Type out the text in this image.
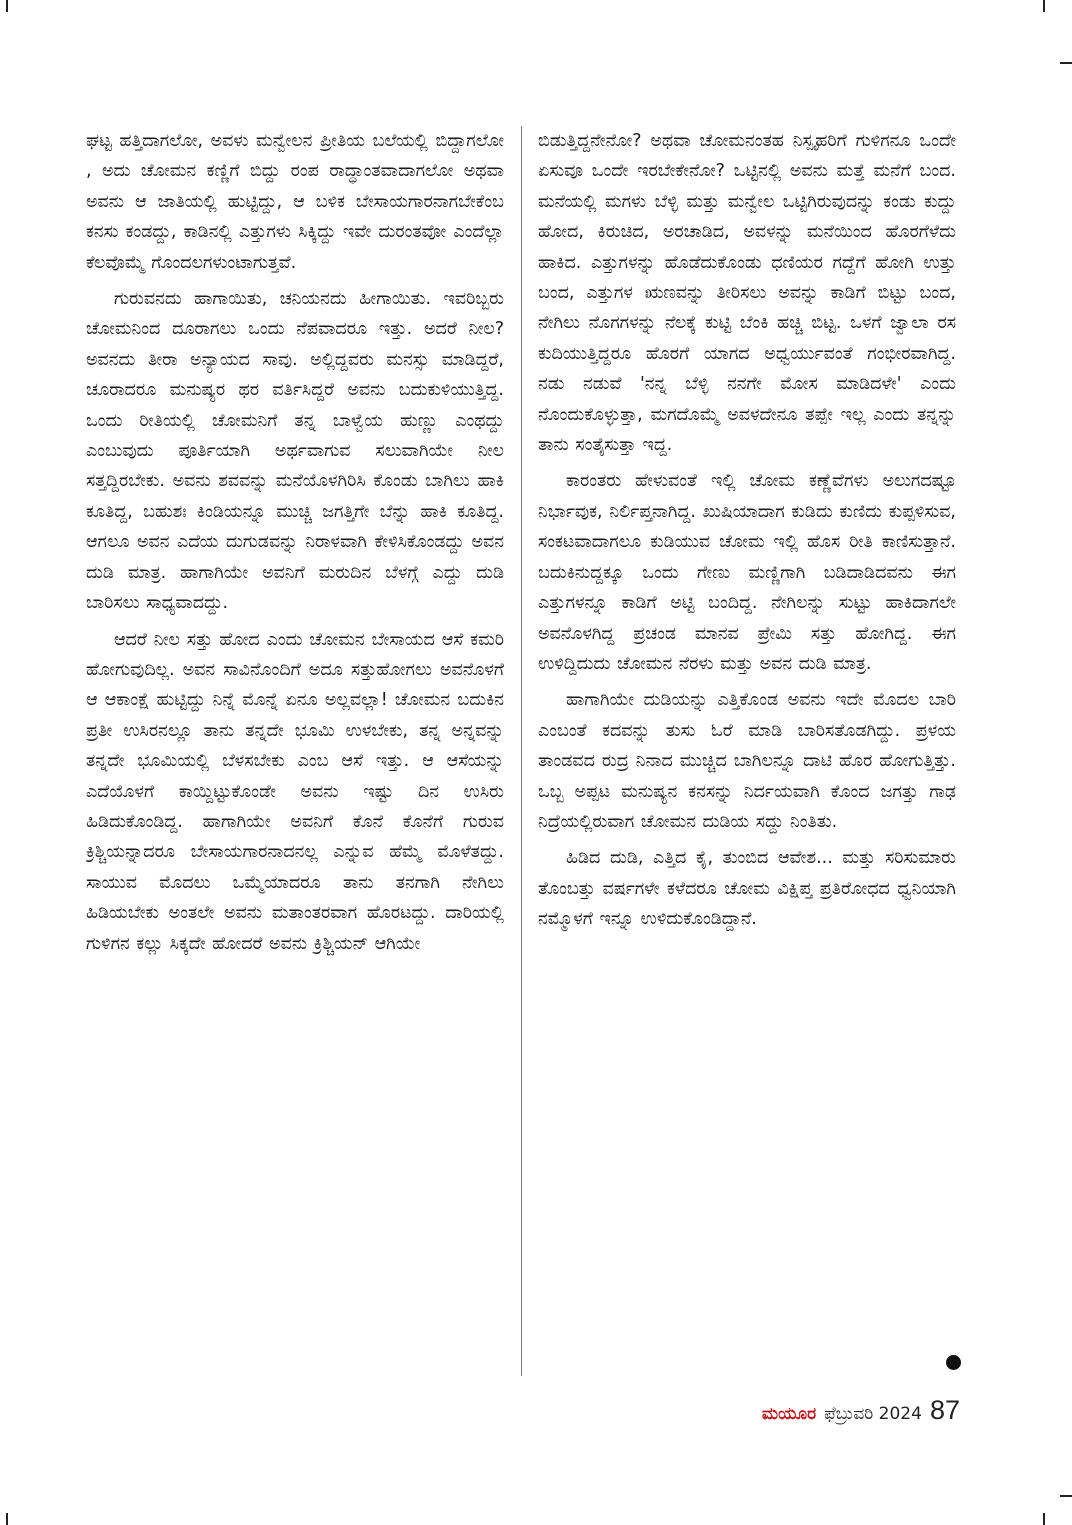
ಘಟ್ಟ ಹತ್ತಿದಾಗಲೋ, ಅವಳು ಮನ್ವೇಲನ ಪ್ರೀತಿಯ ಬಲೆಯಲ್ಲಿ ಬಿದ್ದಾಗಲೋ , ಅದು ಚೋಮನ ಕಣ್ಣಿಗೆ ಬಿದ್ದು ರಂಪ ರಾದ್ಧಾಂತವಾದಾಗಲೋ ಅಥವಾ ಅವನು ಆ ಜಾತಿಯಲ್ಲಿ ಹುಟ್ಟಿದ್ದು, ಆ ಬಳಿಕ ಬೇಸಾಯಗಾರನಾಗಬೇಕೆಂಬ ಕನಸು ಕಂಡದ್ದು, ಕಾಡಿನಲ್ಲಿ ಎತ್ತುಗಳು ಸಿಕ್ಕಿದ್ದು ಇವೇ ದುರಂತವೋ ಎಂದೆಲ್ಲಾ ಕೆಲವೊಮ್ಮೆ ಗೊಂದಲಗಳುಂಟಾಗುತ್ತವೆ.

ಗುರುವನದು ಹಾಗಾಯಿತು, ಚನಿಯನದು ಹೀಗಾಯಿತು. ಇವರಿಬ್ಬರು ಚೋಮನಿಂದ ದೂರಾಗಲು ಒಂದು ನೆಪವಾದರೂ ಇತ್ತು. ಅದರೆ ನೀಲ? ಅವನದು ತೀರಾ ಅನ್ಯಾಯದ ಸಾವು. ಅಲ್ಲಿದ್ದವರು ಮನಸ್ಸು ಮಾಡಿದ್ದರೆ, ಚೂರಾದರೂ ಮನುಷ್ಯರ ಥರ ವರ್ತಿಸಿದ್ದರೆ ಅವನು ಬದುಕುಳಿಯುತ್ತಿದ್ದ. ಒಂದು ರೀತಿಯಲ್ಲಿ ಚೋಮನಿಗೆ ತನ್ನ ಬಾಳ್ವೆಯ ಹುಣ್ಣು ಎಂಥದ್ದು ಎಂಬುವುದು ಪೂರ್ತಿಯಾಗಿ ಅರ್ಥವಾಗುವ ಸಲುವಾಗಿಯೇ ನೀಲ ಸತ್ತದ್ದಿರಬೇಕು. ಅವನು ಶವವನ್ನು ಮನೆಯೊಳಗಿರಿಸಿ ಕೊಂಡು ಬಾಗಿಲು ಹಾಕಿ ಕೂತಿದ್ದ, ಬಹುಶಃ ಕಿಂಡಿಯನ್ನೂ ಮುಚ್ಚಿ ಜಗತ್ತಿಗೇ ಬೆನ್ನು ಹಾಕಿ ಕೂತಿದ್ದ. ಆಗಲೂ ಅವನ ಎದೆಯ ದುಗುಡವನ್ನು ನಿರಾಳವಾಗಿ ಕೇಳಿಸಿಕೊಂಡದ್ದು ಅವನ ದುಡಿ ಮಾತ್ರ. ಹಾಗಾಗಿಯೇ ಅವನಿಗೆ ಮರುದಿನ ಬೆಳಗ್ಗೆ ಎದ್ದು ದುಡಿ ಬಾರಿಸಲು ಸಾಧ್ಯವಾದದ್ದು.

ಆದರೆ ನೀಲ ಸತ್ತು ಹೋದ ಎಂದು ಚೋಮನ ಬೇಸಾಯದ ಆಸೆ ಕಮರಿ ಹೋಗುವುದಿಲ್ಲ. ಅವನ ಸಾವಿನೊಂದಿಗೆ ಅದೂ ಸತ್ತುಹೋಗಲು ಅವನೊಳಗೆ ಆ ಆಕಾಂಕ್ಷೆ ಹುಟ್ಟಿದ್ದು ನಿನ್ನೆ ಮೊನ್ನೆ ಏನೂ ಅಲ್ಲವಲ್ಲಾ! ಚೋಮನ ಬದುಕಿನ ಪ್ರತೀ ಉಸಿರನಲ್ಲೂ ತಾನು ತನ್ನದೇ ಭೂಮಿ ಉಳಬೇಕು, ತನ್ನ ಅನ್ನವನ್ನು ತನ್ನದೇ ಭೂಮಿಯಲ್ಲಿ ಬೆಳಸಬೇಕು ಎಂಬ ಆಸೆ ಇತ್ತು. ಆ ಆಸೆಯನ್ನು ಎದೆಯೊಳಗೆ ಕಾಯ್ದಿಟ್ಟುಕೊಂಡೇ ಅವನು ಇಷ್ಟು ದಿನ ಉಸಿರು ಹಿಡಿದುಕೊಂಡಿದ್ದ. ಹಾಗಾಗಿಯೇ ಅವನಿಗೆ ಕೊನೆ ಕೊನೆಗೆ ಗುರುವ ಕ್ರಿಶ್ಚಿಯನ್ನಾದರೂ ಬೇಸಾಯಗಾರನಾದನಲ್ಲ ಎನ್ನುವ ಹೆಮ್ಮೆ ಮೊಳೆತದ್ದು. ಸಾಯುವ ಮೊದಲು ಒಮ್ಮೆಯಾದರೂ ತಾನು ತನಗಾಗಿ ನೇಗಿಲು ಹಿಡಿಯಬೇಕು ಅಂತಲೇ ಅವನು ಮತಾಂತರವಾಗ ಹೊರಟದ್ದು. ದಾರಿಯಲ್ಲಿ ಗುಳಿಗನ ಕಲ್ಲು ಸಿಕ್ಕದೇ ಹೋದರೆ ಅವನು ಕ್ರಿಶ್ಚಿಯನ್ ಆಗಿಯೇ

ಬಿಡುತ್ತಿದ್ದನೇನೋ? ಅಥವಾ ಚೋಮನಂತಹ ನಿಸ್ಪೃಹರಿಗೆ ಗುಳಿಗನೂ ಒಂದೇ ಏಸುವೂ ಒಂದೇ ಇರಬೇಕೇನೋ? ಒಟ್ಟಿನಲ್ಲಿ ಅವನು ಮತ್ತೆ ಮನೆಗೆ ಬಂದ. ಮನೆಯಲ್ಲಿ ಮಗಳು ಬೆಳ್ಳಿ ಮತ್ತು ಮನ್ವೇಲ ಒಟ್ಟಿಗಿರುವುದನ್ನು ಕಂಡು ಕುದ್ದು ಹೋದ, ಕಿರುಚಿದ, ಅರಚಾಡಿದ, ಅವಳನ್ನು ಮನೆಯಿಂದ ಹೊರಗೆಳೆದು ಹಾಕಿದ. ಎತ್ತುಗಳನ್ನು ಹೊಡೆದುಕೊಂಡು ಧಣಿಯರ ಗದ್ದೆಗೆ ಹೋಗಿ ಉತ್ತು ಬಂದ, ಎತ್ತುಗಳ ಋಣವನ್ನು ತೀರಿಸಲು ಅವನ್ನು ಕಾಡಿಗೆ ಬಿಟ್ಟು ಬಂದ, ನೇಗಿಲು ನೊಗಗಳನ್ನು ನೆಲಕ್ಕೆ ಕುಟ್ಟಿ ಬೆಂಕಿ ಹಚ್ಚಿ ಬಿಟ್ಟ. ಒಳಗೆ ಜ್ವಾಲಾ ರಸ ಕುದಿಯುತ್ತಿದ್ದರೂ ಹೊರಗೆ ಯಾಗದ ಅಧ್ವರ್ಯುವಂತೆ ಗಂಭೀರವಾಗಿದ್ದ. ನಡು ನಡುವೆ 'ನನ್ನ ಬೆಳ್ಳಿ ನನಗೇ ಮೋಸ ಮಾಡಿದಳೇ' ಎಂದು ನೊಂದುಕೊಳ್ಳುತ್ತಾ, ಮಗದೊಮ್ಮೆ ಅವಳದೇನೂ ತಪ್ಪೇ ಇಲ್ಲ ಎಂದು ತನ್ನನ್ನು ತಾನು ಸಂತೈಸುತ್ತಾ ಇದ್ದ.

ಕಾರಂತರು ಹೇಳುವಂತೆ ಇಲ್ಲಿ ಚೋಮ ಕಣ್ಣೆವೆಗಳು ಅಲುಗದಷ್ಟೂ ನಿರ್ಭಾವುಕ, ನಿರ್ಲಿಪ್ತನಾಗಿದ್ದ. ಖುಷಿಯಾದಾಗ ಕುಡಿದು ಕುಣಿದು ಕುಪ್ಪಳಿಸುವ, ಸಂಕಟವಾದಾಗಲೂ ಕುಡಿಯುವ ಚೋಮ ಇಲ್ಲಿ ಹೊಸ ರೀತಿ ಕಾಣಿಸುತ್ತಾನೆ. ಬದುಕಿನುದ್ದಕ್ಕೂ ಒಂದು ಗೇಣು ಮಣ್ಣಿಗಾಗಿ ಬಡಿದಾಡಿದವನು ಈಗ ಎತ್ತುಗಳನ್ನೂ ಕಾಡಿಗೆ ಅಟ್ಟಿ ಬಂದಿದ್ದ. ನೇಗಿಲನ್ನು ಸುಟ್ಟು ಹಾಕಿದಾಗಲೇ ಅವನೊಳಗಿದ್ದ ಪ್ರಚಂಡ ಮಾನವ ಪ್ರೇಮಿ ಸತ್ತು ಹೋಗಿದ್ದ. ಈಗ ಉಳಿದ್ದಿದುದು ಚೋಮನ ನೆರಳು ಮತ್ತು ಅವನ ದುಡಿ ಮಾತ್ರ.

ಹಾಗಾಗಿಯೇ ದುಡಿಯನ್ನು ಎತ್ತಿಕೊಂಡ ಅವನು ಇದೇ ಮೊದಲ ಬಾರಿ ಎಂಬಂತೆ ಕದವನ್ನು ತುಸು ಓರೆ ಮಾಡಿ ಬಾರಿಸತೊಡಗಿದ್ದು. ಪ್ರಳಯ ತಾಂಡವದ ರುದ್ರ ನಿನಾದ ಮುಚ್ಚಿದ ಬಾಗಿಲನ್ನೂ ದಾಟಿ ಹೊರ ಹೋಗುತ್ತಿತ್ತು. ಒಬ್ಬ ಅಪ್ಪಟ ಮನುಷ್ಯನ ಕನಸನ್ನು ನಿರ್ದಯವಾಗಿ ಕೊಂದ ಜಗತ್ತು ಗಾಢ ನಿದ್ರೆಯಲ್ಲಿರುವಾಗ ಚೋಮನ ದುಡಿಯ ಸದ್ದು ನಿಂತಿತು.

ಹಿಡಿದ ದುಡಿ, ಎತ್ತಿದ ಕೈ, ತುಂಬಿದ ಆವೇಶ... ಮತ್ತು ಸರಿಸುಮಾರು ತೊಂಬತ್ತು ವರ್ಷಗಳೇ ಕಳೆದರೂ ಚೋಮ ವಿಕ್ಷಿಪ್ತ ಪ್ರತಿರೋಧದ ಧ್ವನಿಯಾಗಿ ನಮ್ಮೊಳಗೆ ಇನ್ನೂ ಉಳಿದುಕೊಂಡಿದ್ದಾನೆ.

ಮಯೂರ ಫೆಬ್ರುವರಿ 2024 87
